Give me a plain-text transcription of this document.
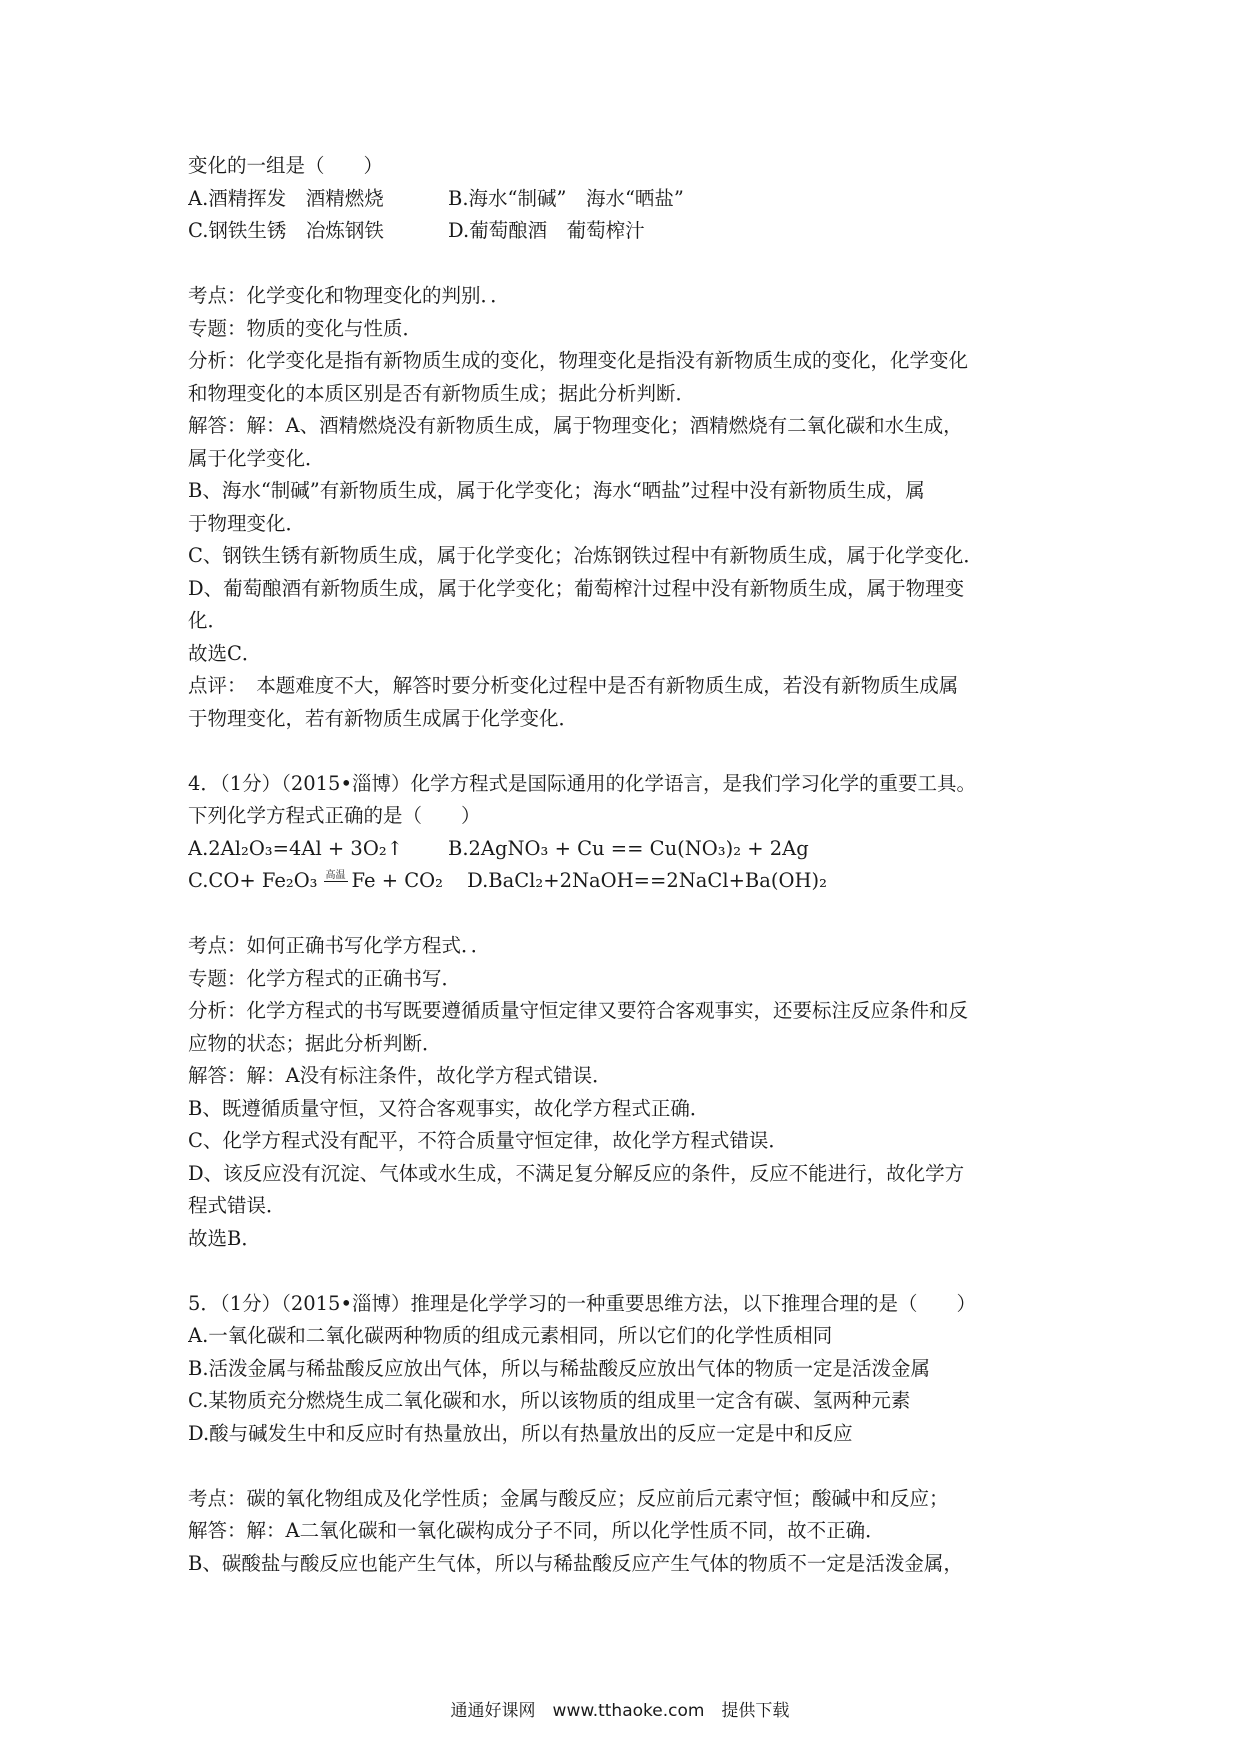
变化的一组是（　　）
A.酒精挥发　酒精燃烧	B.海水“制碱”　海水“晒盐”
C.钢铁生锈　冶炼钢铁	D.葡萄酿酒　葡萄榨汁
考点：化学变化和物理变化的判别．．
专题：物质的变化与性质．
分析：化学变化是指有新物质生成的变化，物理变化是指没有新物质生成的变化，化学变化
和物理变化的本质区别是否有新物质生成；据此分析判断．
解答：解：A、酒精燃烧没有新物质生成，属于物理变化；酒精燃烧有二氧化碳和水生成，
属于化学变化．
B、海水“制碱”有新物质生成，属于化学变化；海水“晒盐”过程中没有新物质生成，属
于物理变化．
C、钢铁生锈有新物质生成，属于化学变化；冶炼钢铁过程中有新物质生成，属于化学变化．
D、葡萄酿酒有新物质生成，属于化学变化；葡萄榨汁过程中没有新物质生成，属于物理变
化．
故选C．
点评：　本题难度不大，解答时要分析变化过程中是否有新物质生成，若没有新物质生成属
于物理变化，若有新物质生成属于化学变化．
4．（1分）（2015•淄博）化学方程式是国际通用的化学语言，是我们学习化学的重要工具。
下列化学方程式正确的是（　　）
A.2Al₂O₃=4Al + 3O₂↑ B.2AgNO₃ + Cu == Cu(NO₃)₂ + 2Ag
C.CO+ Fe₂O₃ 高温 Fe + CO₂ D.BaCl₂+2NaOH==2NaCl+Ba(OH)₂
考点：如何正确书写化学方程式．．
专题：化学方程式的正确书写．
分析：化学方程式的书写既要遵循质量守恒定律又要符合客观事实，还要标注反应条件和反
应物的状态；据此分析判断．
解答：解：A没有标注条件，故化学方程式错误．
B、既遵循质量守恒，又符合客观事实，故化学方程式正确．
C、化学方程式没有配平，不符合质量守恒定律，故化学方程式错误．
D、该反应没有沉淀、气体或水生成，不满足复分解反应的条件，反应不能进行，故化学方
程式错误．
故选B．
5．（1分）（2015•淄博）推理是化学学习的一种重要思维方法，以下推理合理的是（　　）
A.一氧化碳和二氧化碳两种物质的组成元素相同，所以它们的化学性质相同
B.活泼金属与稀盐酸反应放出气体，所以与稀盐酸反应放出气体的物质一定是活泼金属
C.某物质充分燃烧生成二氧化碳和水，所以该物质的组成里一定含有碳、氢两种元素
D.酸与碱发生中和反应时有热量放出，所以有热量放出的反应一定是中和反应
考点：碳的氧化物组成及化学性质；金属与酸反应；反应前后元素守恒；酸碱中和反应；
解答：解：A二氧化碳和一氧化碳构成分子不同，所以化学性质不同，故不正确．
B、碳酸盐与酸反应也能产生气体，所以与稀盐酸反应产生气体的物质不一定是活泼金属，
通通好课网　www.tthaoke.com　提供下载
